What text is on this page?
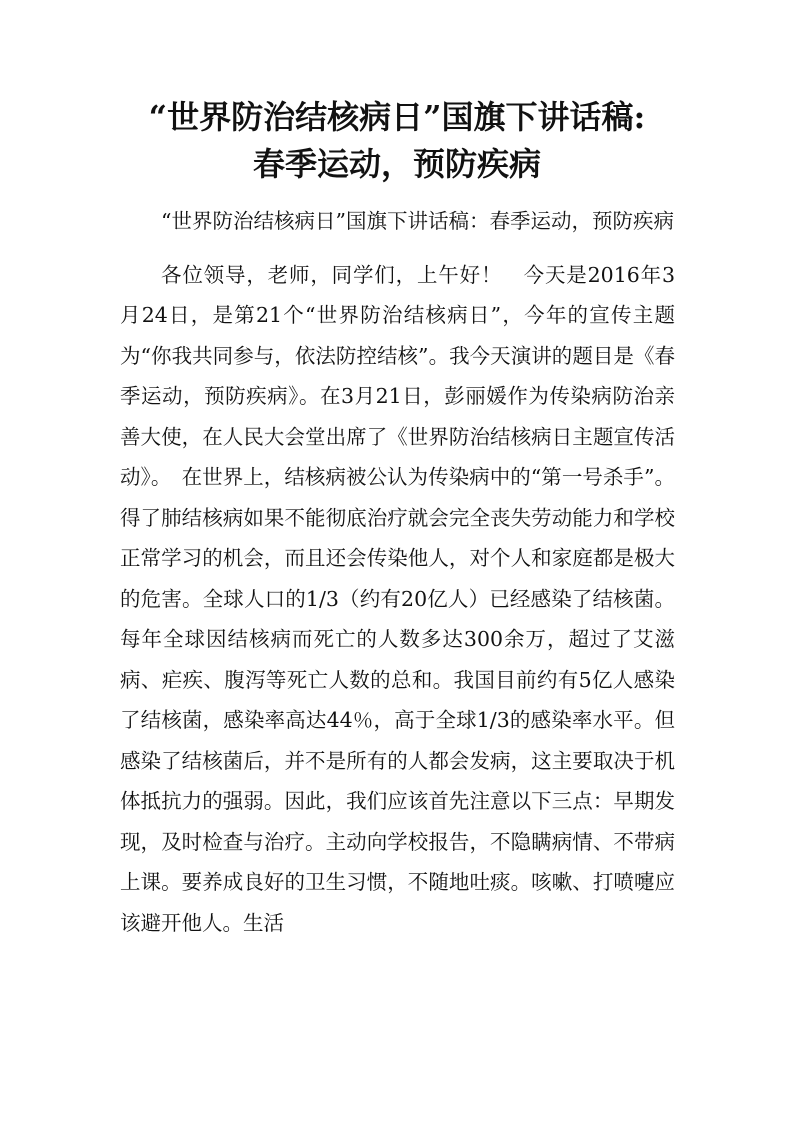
“世界防治结核病日”国旗下讲话稿:
春季运动，预防疾病

“世界防治结核病日”国旗下讲话稿：春季运动，预防疾病

各位领导，老师，同学们，上午好！　今天是2016年3月24日，是第21个“世界防治结核病日”，今年的宣传主题为“你我共同参与，依法防控结核”。我今天演讲的题目是《春季运动，预防疾病》。在3月21日，彭丽媛作为传染病防治亲善大使，在人民大会堂出席了《世界防治结核病日主题宣传活动》。　在世界上，结核病被公认为传染病中的“第一号杀手”。得了肺结核病如果不能彻底治疗就会完全丧失劳动能力和学校正常学习的机会，而且还会传染他人，对个人和家庭都是极大的危害。全球人口的1/3（约有20亿人）已经感染了结核菌。每年全球因结核病而死亡的人数多达300余万，超过了艾滋病、疟疾、腹泻等死亡人数的总和。我国目前约有5亿人感染了结核菌，感染率高达44％，高于全球1/3的感染率水平。但感染了结核菌后，并不是所有的人都会发病，这主要取决于机体抵抗力的强弱。因此，我们应该首先注意以下三点：早期发现，及时检查与治疗。主动向学校报告，不隐瞒病情、不带病上课。要养成良好的卫生习惯，不随地吐痰。咳嗽、打喷嚏应该避开他人。生活
